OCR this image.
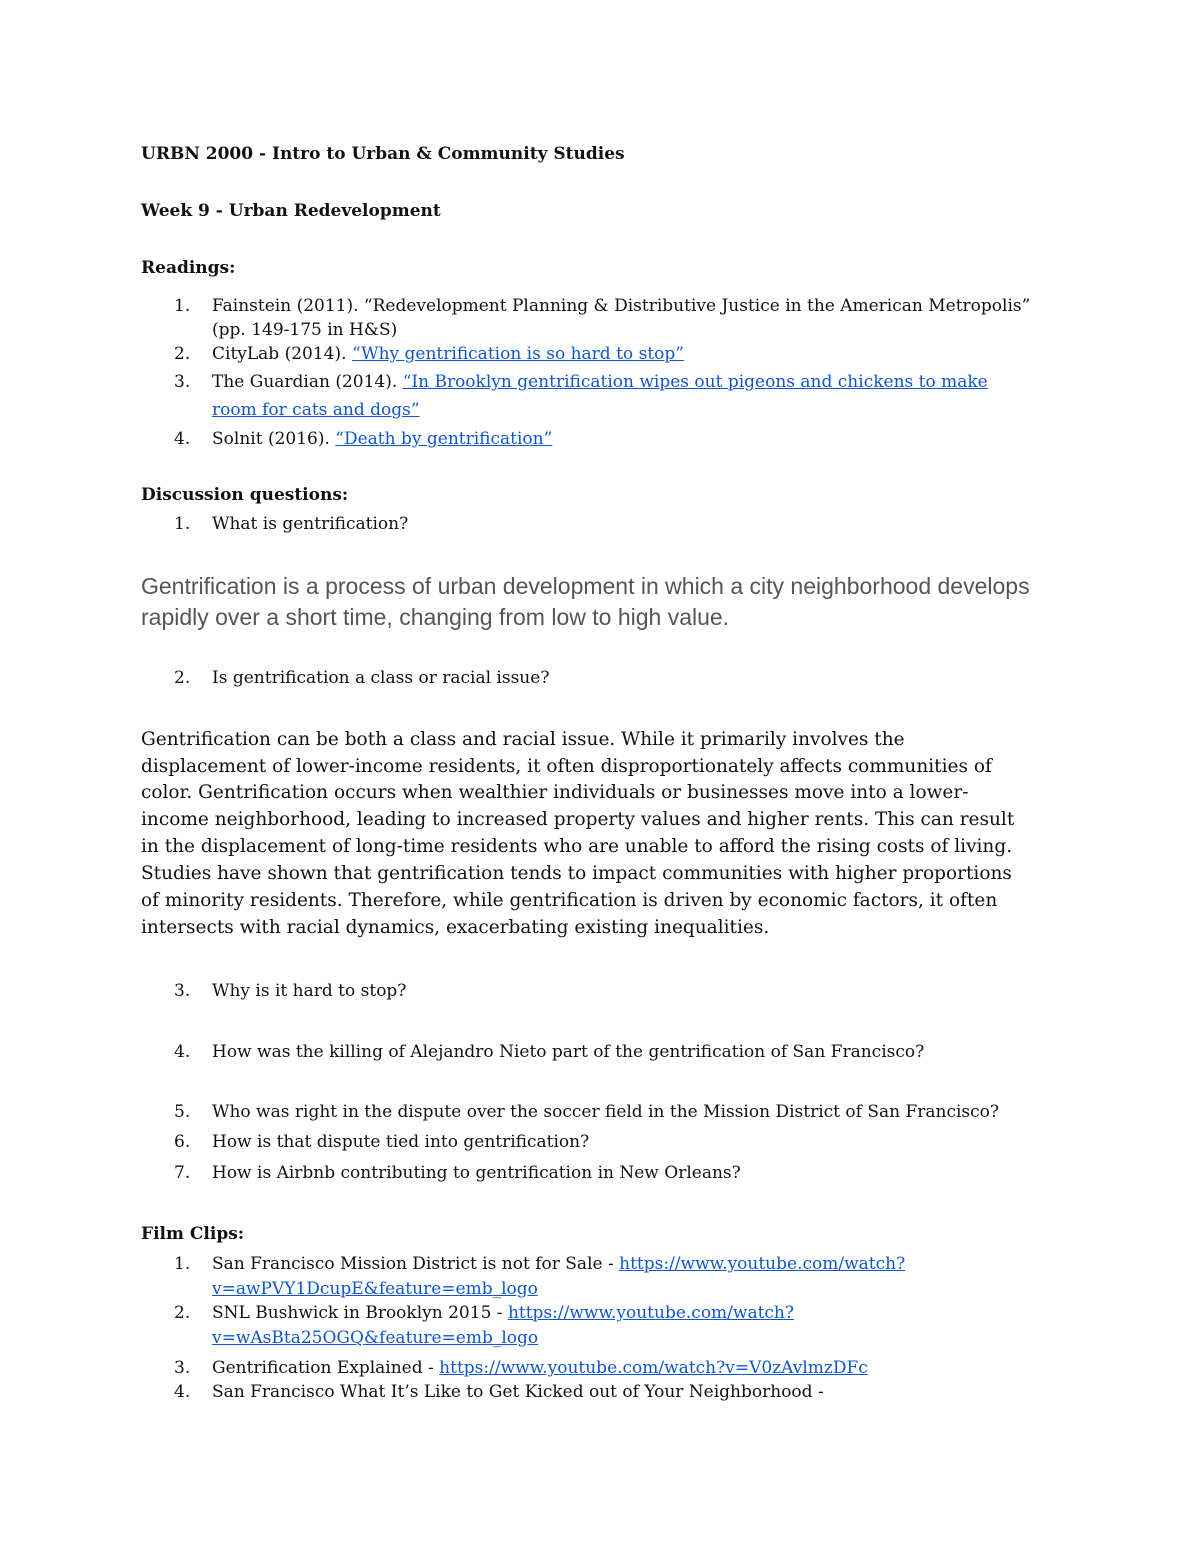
URBN 2000 - Intro to Urban & Community Studies
Week 9 - Urban Redevelopment
Readings:
1. Fainstein (2011). “Redevelopment Planning & Distributive Justice in the American Metropolis”
(pp. 149-175 in H&S)
2. CityLab (2014). “Why gentrification is so hard to stop”
3. The Guardian (2014). “In Brooklyn gentrification wipes out pigeons and chickens to make
room for cats and dogs”
4. Solnit (2016). “Death by gentrification”
Discussion questions:
1. What is gentrification?
Gentrification is a process of urban development in which a city neighborhood develops
rapidly over a short time, changing from low to high value.
2. Is gentrification a class or racial issue?
Gentrification can be both a class and racial issue. While it primarily involves the
displacement of lower-income residents, it often disproportionately affects communities of
color. Gentrification occurs when wealthier individuals or businesses move into a lower-
income neighborhood, leading to increased property values and higher rents. This can result
in the displacement of long-time residents who are unable to afford the rising costs of living.
Studies have shown that gentrification tends to impact communities with higher proportions
of minority residents. Therefore, while gentrification is driven by economic factors, it often
intersects with racial dynamics, exacerbating existing inequalities.
3. Why is it hard to stop?
4. How was the killing of Alejandro Nieto part of the gentrification of San Francisco?
5. Who was right in the dispute over the soccer field in the Mission District of San Francisco?
6. How is that dispute tied into gentrification?
7. How is Airbnb contributing to gentrification in New Orleans?
Film Clips:
1. San Francisco Mission District is not for Sale - https://www.youtube.com/watch?
v=awPVY1DcupE&feature=emb_logo
2. SNL Bushwick in Brooklyn 2015 - https://www.youtube.com/watch?
v=wAsBta25OGQ&feature=emb_logo
3. Gentrification Explained - https://www.youtube.com/watch?v=V0zAvlmzDFc
4. San Francisco What It’s Like to Get Kicked out of Your Neighborhood -
